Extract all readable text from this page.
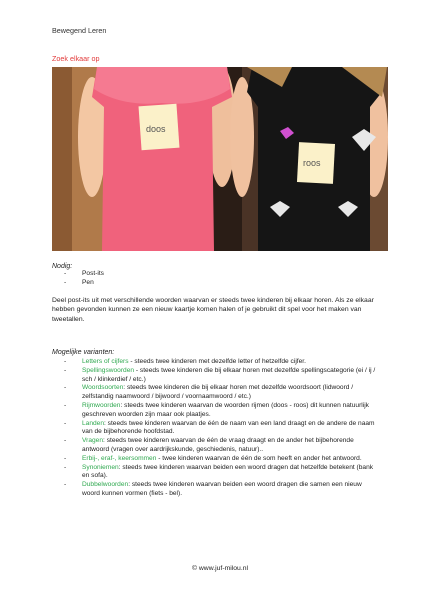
Bewegend Leren
Zoek elkaar op
doos
roos
Nodig:
- Post-its
- Pen
Deel post-its uit met verschillende woorden waarvan er steeds twee kinderen bij elkaar horen. Als ze elkaar hebben gevonden kunnen ze een nieuw kaartje komen halen of je gebruikt dit spel voor het maken van tweetallen.
Mogelijke varianten:
- Letters of cijfers - steeds twee kinderen met dezelfde letter of hetzelfde cijfer.
- Spellingswoorden - steeds twee kinderen die bij elkaar horen met dezelfde spellingscategorie (ei / ij / sch / klinkerdief / etc.)
- Woordsoorten: steeds twee kinderen die bij elkaar horen met dezelfde woordsoort (lidwoord / zelfstandig naamwoord / bijwoord / voornaamwoord / etc.)
- Rijmwoorden: steeds twee kinderen waarvan de woorden rijmen (doos - roos) dit kunnen natuurlijk geschreven woorden zijn maar ook plaatjes.
- Landen: steeds twee kinderen waarvan de één de naam van een land draagt en de andere de naam van de bijbehorende hoofdstad.
- Vragen: steeds twee kinderen waarvan de één de vraag draagt en de ander het bijbehorende antwoord (vragen over aardrijkskunde, geschiedenis, natuur)..
- Erbij-, eraf-, keersommen - twee kinderen waarvan de één de som heeft en ander het antwoord.
- Synoniemen: steeds twee kinderen waarvan beiden een woord dragen dat hetzelfde betekent (bank en sofa).
- Dubbelwoorden: steeds twee kinderen waarvan beiden een woord dragen die samen een nieuw woord kunnen vormen (fiets - bel).
© www.juf-milou.nl
